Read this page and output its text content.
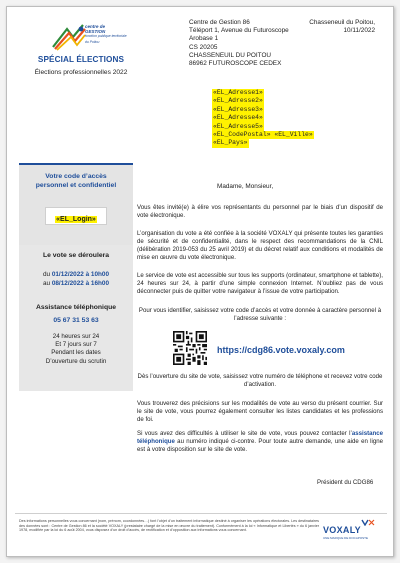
centre de
GESTION
fonction publique territoriale
du Poitou
SPÉCIAL ÉLECTIONS
Élections professionnelles 2022
Centre de Gestion 86
Téléport 1, Avenue du Futuroscope
Arobase 1
CS 20205
CHASSENEUIL DU POITOU
86962 FUTUROSCOPE CEDEX
Chasseneuil du Poitou,
10/11/2022
«EL_Adresse1»
«EL_Adresse2»
«EL_Adresse3»
«EL_Adresse4»
«EL_Adresse5»
«EL_CodePostal» «EL_Ville»
«EL_Pays»
Votre code d’accès
personnel et confidentiel
«EL_Login»
Le vote se déroulera
du 01/12/2022 à 10h00
au 08/12/2022 à 16h00
Assistance téléphonique
05 67 31 53 63
24 heures sur 24
Et 7 jours sur 7
Pendant les dates
D’ouverture du scrutin
Madame, Monsieur,
Vous êtes invité(e) à élire vos représentants du personnel par le biais d’un dispositif de vote électronique.
L’organisation du vote a été confiée à la société VOXALY qui présente toutes les garanties de sécurité et de confidentialité, dans le respect des recommandations de la CNIL (délibération 2019-053 du 25 avril 2019) et du décret relatif aux conditions et modalités de mise en œuvre du vote électronique.
Le service de vote est accessible sur tous les supports (ordinateur, smartphone et tablette), 24 heures sur 24, à partir d’une simple connexion Internet. N’oubliez pas de vous déconnecter puis de quitter votre navigateur à l’issue de votre participation.
Pour vous identifier, saisissez votre code d’accès et votre donnée à caractère personnel à l’adresse suivante :
https://cdg86.vote.voxaly.com
Dès l’ouverture du site de vote, saisissez votre numéro de téléphone et recevez votre code d’activation.
Vous trouverez des précisions sur les modalités de vote au verso du présent courrier. Sur le site de vote, vous pourrez également consulter les listes candidates et les professions de foi.
Si vous avez des difficultés à utiliser le site de vote, vous pouvez contacter l’assistance téléphonique au numéro indiqué ci-contre. Pour toute autre demande, une aide en ligne est à votre disposition sur le site de vote.
Président du CDG86
Des informations personnelles vous concernant (nom, prénom, coordonnées…) font l’objet d’un traitement informatique destiné à organiser les opérations électorales. Les destinataires des données sont : Centre de Gestion 86 et la société VOXALY (prestataire chargé de la mise en œuvre du traitement). Conformément à la loi « Informatique et Libertés » du 6 janvier 1978, modifiée par la loi du 6 août 2004, vous disposez d’un droit d’accès, de rectification et d’opposition aux informations vous concernant.	VOXALY
UNE MARQUE DE DOCAPOSTE
